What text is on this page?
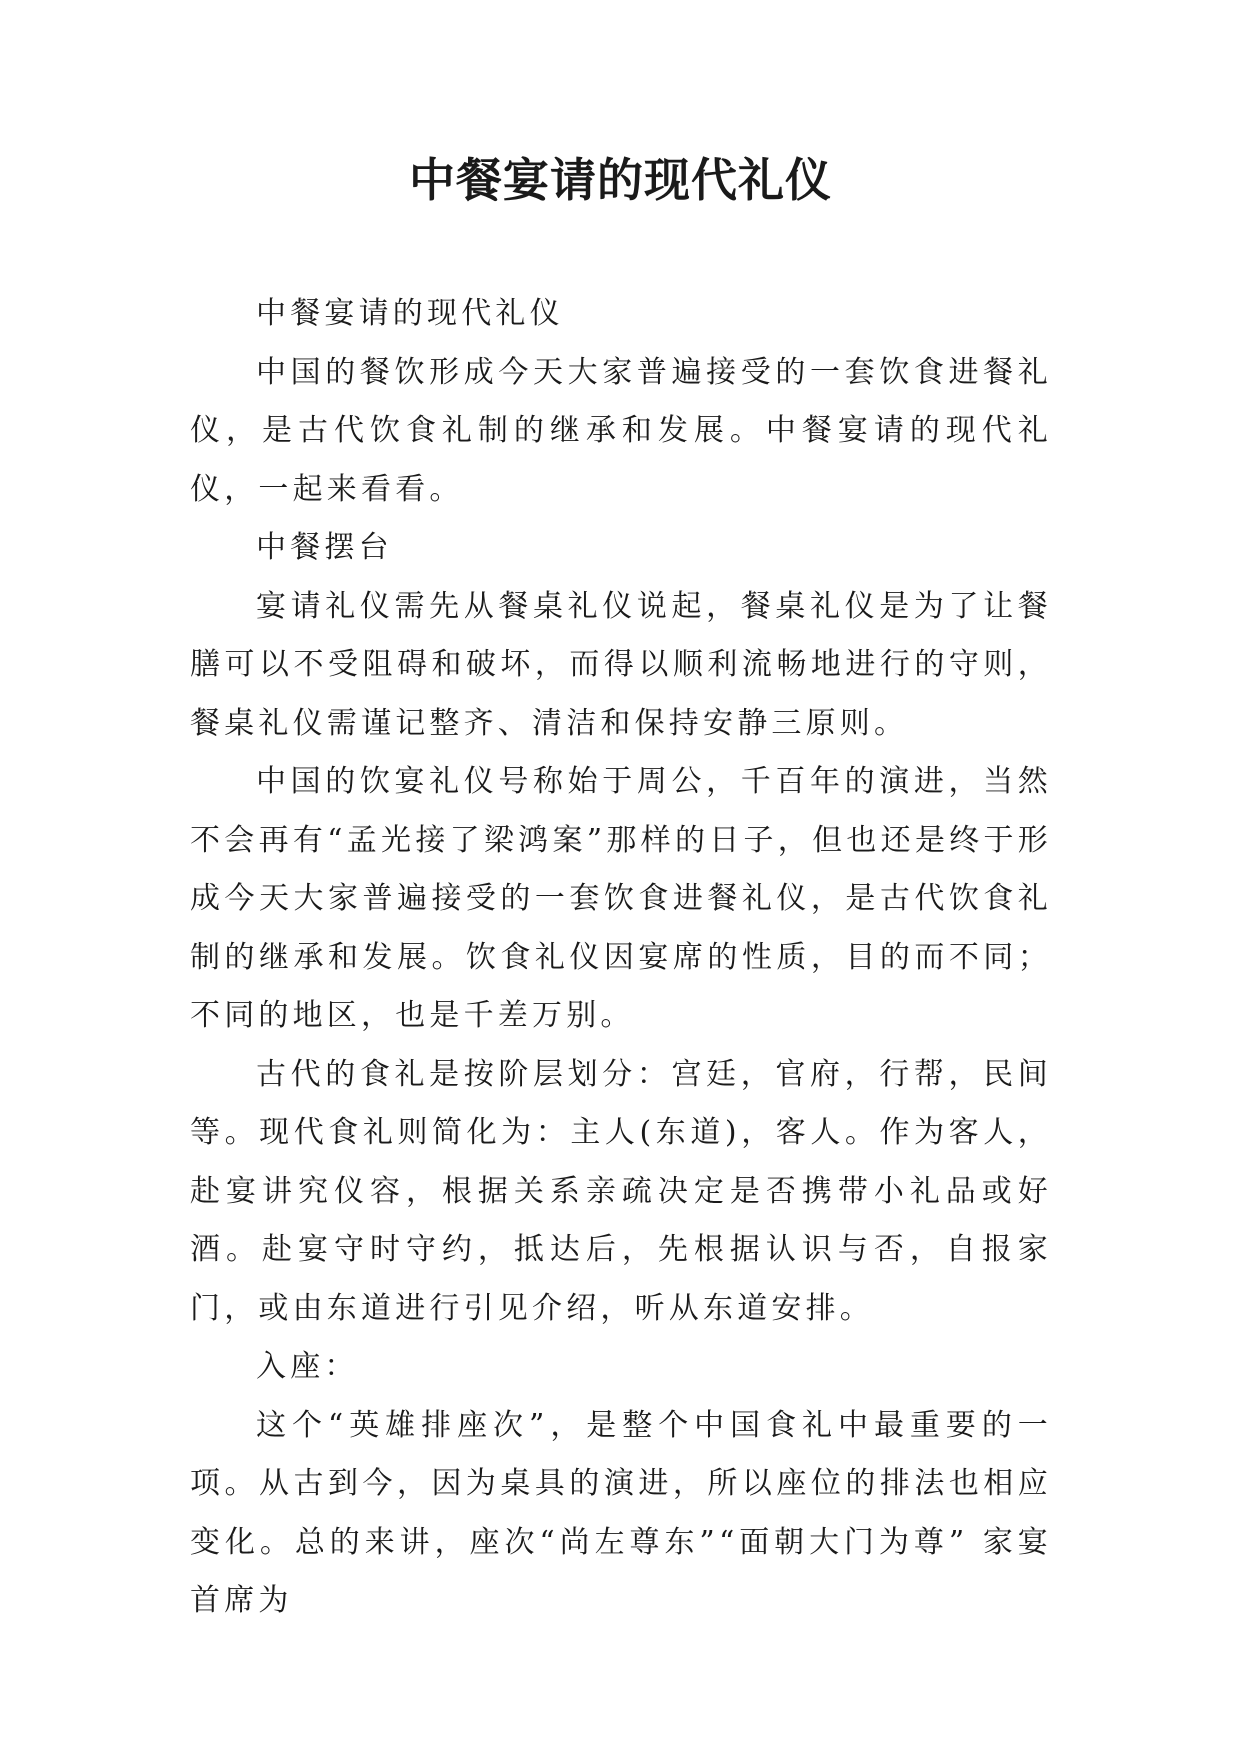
中餐宴请的现代礼仪

中餐宴请的现代礼仪

中国的餐饮形成今天大家普遍接受的一套饮食进餐礼仪，是古代饮食礼制的继承和发展。中餐宴请的现代礼仪，一起来看看。

中餐摆台

宴请礼仪需先从餐桌礼仪说起，餐桌礼仪是为了让餐膳可以不受阻碍和破坏，而得以顺利流畅地进行的守则，餐桌礼仪需谨记整齐、清洁和保持安静三原则。

中国的饮宴礼仪号称始于周公，千百年的演进，当然不会再有“孟光接了梁鸿案”那样的日子，但也还是终于形成今天大家普遍接受的一套饮食进餐礼仪，是古代饮食礼制的继承和发展。饮食礼仪因宴席的性质，目的而不同；不同的地区，也是千差万别。

古代的食礼是按阶层划分：宫廷，官府，行帮，民间等。现代食礼则简化为：主人(东道)，客人。作为客人，赴宴讲究仪容，根据关系亲疏决定是否携带小礼品或好酒。赴宴守时守约，抵达后，先根据认识与否，自报家门，或由东道进行引见介绍，听从东道安排。

入座：

这个“英雄排座次”，是整个中国食礼中最重要的一项。从古到今，因为桌具的演进，所以座位的排法也相应变化。总的来讲，座次“尚左尊东”“面朝大门为尊” 家宴首席为
